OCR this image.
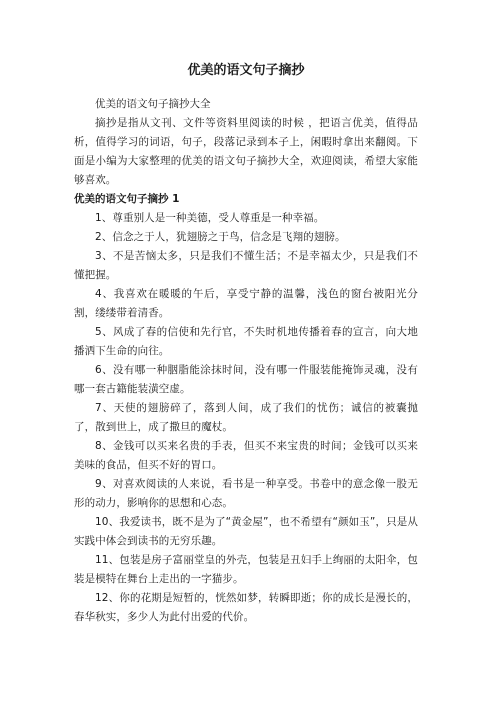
优美的语文句子摘抄

优美的语文句子摘抄大全

摘抄是指从文刊、文件等资料里阅读的时候 ，把语言优美，值得品析，值得学习的词语，句子，段落记录到本子上，闲暇时拿出来翻阅。下面是小编为大家整理的优美的语文句子摘抄大全，欢迎阅读，希望大家能够喜欢。

优美的语文句子摘抄 1

1、尊重别人是一种美德，受人尊重是一种幸福。

2、信念之于人，犹翅膀之于鸟，信念是飞翔的翅膀。

3、不是苦恼太多，只是我们不懂生活；不是幸福太少，只是我们不懂把握。

4、我喜欢在暖暖的午后，享受宁静的温馨，浅色的窗台被阳光分割，缕缕带着清香。

5、风成了春的信使和先行官，不失时机地传播着春的宣言，向大地播洒下生命的向往。

6、没有哪一种胭脂能涂抹时间，没有哪一件服装能掩饰灵魂，没有哪一套古籍能装潢空虚。

7、天使的翅膀碎了，落到人间，成了我们的忧伤；诚信的被囊抛了，散到世上，成了撒旦的魔杖。

8、金钱可以买来名贵的手表，但买不来宝贵的时间；金钱可以买来美味的食品，但买不好的胃口。

9、对喜欢阅读的人来说，看书是一种享受。书卷中的意念像一股无形的动力，影响你的思想和心态。

10、我爱读书，既不是为了“黄金屋”，也不希望有“颜如玉”，只是从实践中体会到读书的无穷乐趣。

11、包装是房子富丽堂皇的外壳，包装是丑妇手上绚丽的太阳伞，包装是模特在舞台上走出的一字猫步。

12、你的花期是短暂的，恍然如梦，转瞬即逝；你的成长是漫长的，春华秋实，多少人为此付出爱的代价。
